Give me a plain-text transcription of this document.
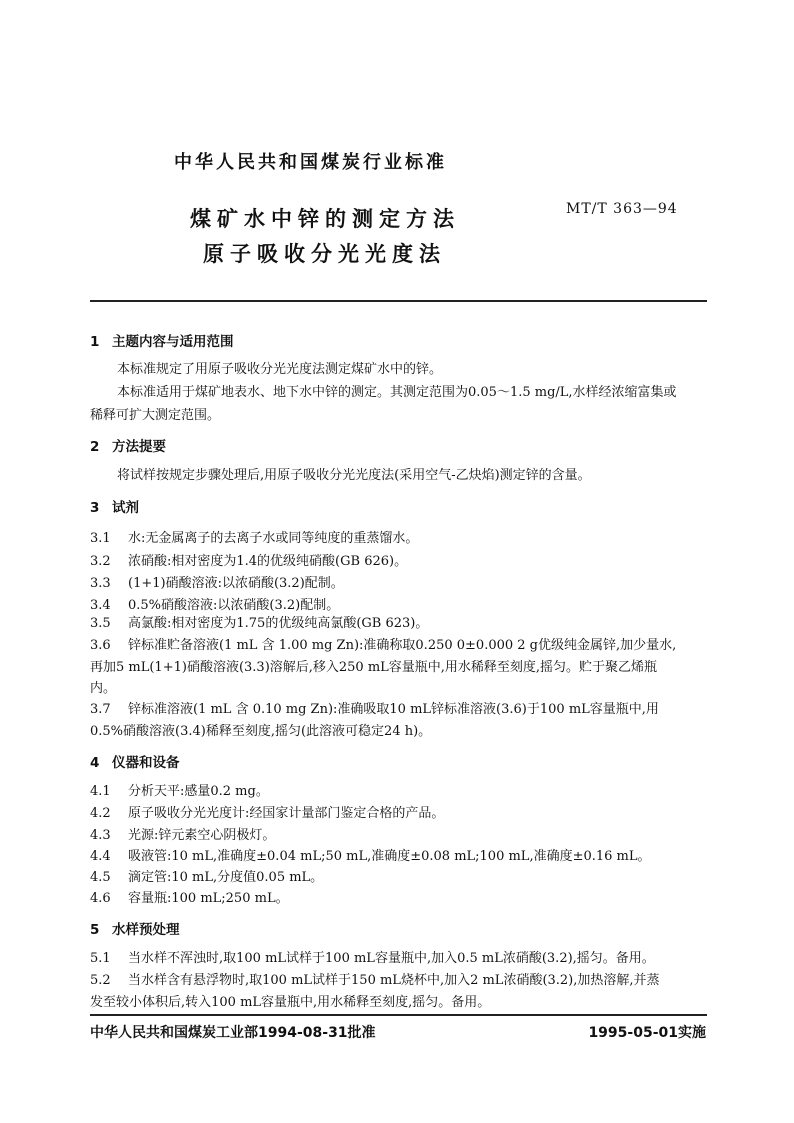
中华人民共和国煤炭行业标准
煤矿水中锌的测定方法
原子吸收分光光度法
MT/T 363—94
1 主题内容与适用范围
本标准规定了用原子吸收分光光度法测定煤矿水中的锌。
本标准适用于煤矿地表水、地下水中锌的测定。其测定范围为0.05～1.5 mg/L,水样经浓缩富集或
稀释可扩大测定范围。
2 方法提要
将试样按规定步骤处理后,用原子吸收分光光度法(采用空气-乙炔焰)测定锌的含量。
3 试剂
3.1 水:无金属离子的去离子水或同等纯度的重蒸馏水。
3.2 浓硝酸:相对密度为1.4的优级纯硝酸(GB 626)。
3.3 (1+1)硝酸溶液:以浓硝酸(3.2)配制。
3.4 0.5%硝酸溶液:以浓硝酸(3.2)配制。
3.5 高氯酸:相对密度为1.75的优级纯高氯酸(GB 623)。
3.6 锌标准贮备溶液(1 mL 含 1.00 mg Zn):准确称取0.250 0±0.000 2 g优级纯金属锌,加少量水,
再加5 mL(1+1)硝酸溶液(3.3)溶解后,移入250 mL容量瓶中,用水稀释至刻度,摇匀。贮于聚乙烯瓶
内。
3.7 锌标准溶液(1 mL 含 0.10 mg Zn):准确吸取10 mL锌标准溶液(3.6)于100 mL容量瓶中,用
0.5%硝酸溶液(3.4)稀释至刻度,摇匀(此溶液可稳定24 h)。
4 仪器和设备
4.1 分析天平:感量0.2 mg。
4.2 原子吸收分光光度计:经国家计量部门鉴定合格的产品。
4.3 光源:锌元素空心阴极灯。
4.4 吸液管:10 mL,准确度±0.04 mL;50 mL,准确度±0.08 mL;100 mL,准确度±0.16 mL。
4.5 滴定管:10 mL,分度值0.05 mL。
4.6 容量瓶:100 mL;250 mL。
5 水样预处理
5.1 当水样不浑浊时,取100 mL试样于100 mL容量瓶中,加入0.5 mL浓硝酸(3.2),摇匀。备用。
5.2 当水样含有悬浮物时,取100 mL试样于150 mL烧杯中,加入2 mL浓硝酸(3.2),加热溶解,并蒸
发至较小体积后,转入100 mL容量瓶中,用水稀释至刻度,摇匀。备用。
中华人民共和国煤炭工业部1994-08-31批准	1995-05-01实施
